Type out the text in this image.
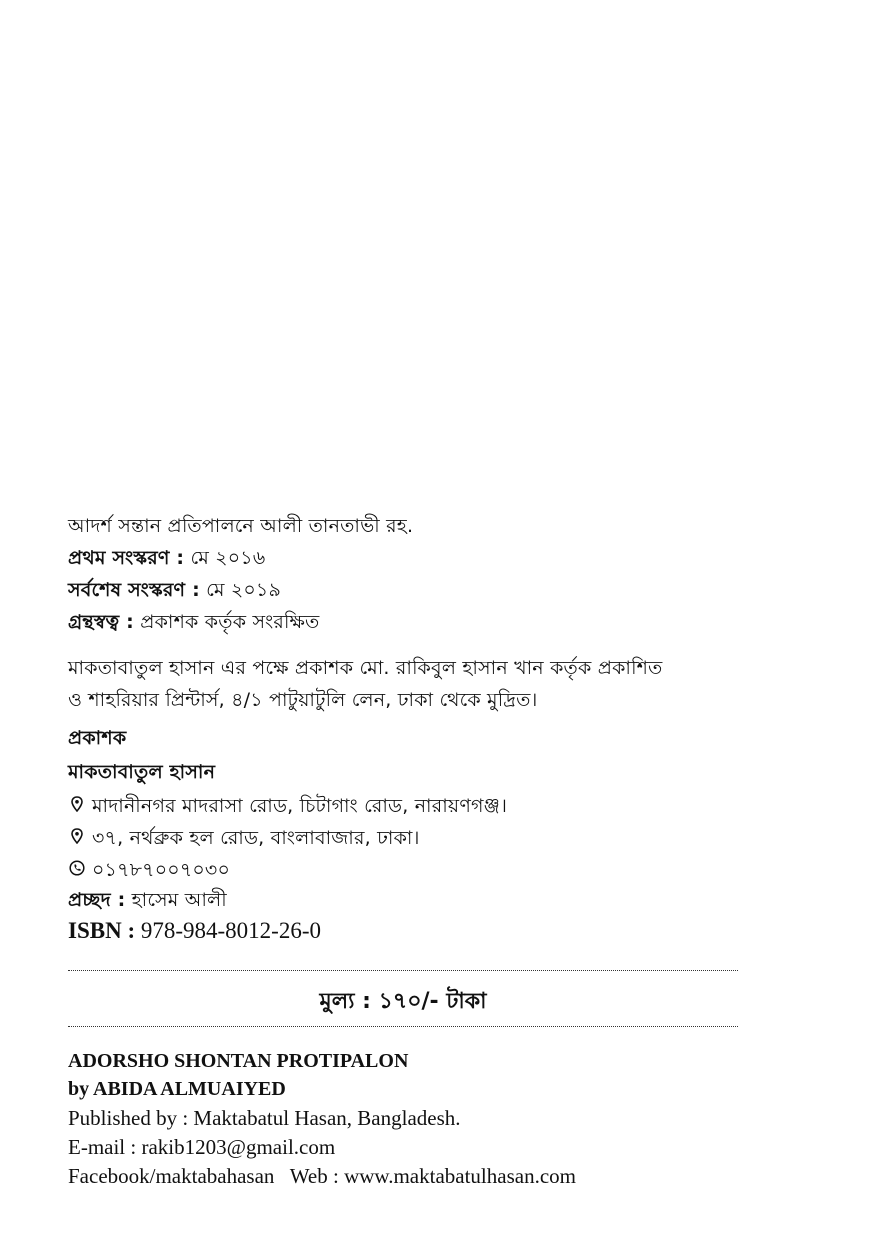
আদর্শ সন্তান প্রতিপালনে আলী তানতাভী রহ.
প্রথম সংস্করণ : মে ২০১৬
সর্বশেষ সংস্করণ : মে ২০১৯
গ্রন্থস্বত্ব : প্রকাশক কর্তৃক সংরক্ষিত
মাকতাবাতুল হাসান এর পক্ষে প্রকাশক মো. রাকিবুল হাসান খান কর্তৃক প্রকাশিত
ও শাহরিয়ার প্রিন্টার্স, ৪/১ পাটুয়াটুলি লেন, ঢাকা থেকে মুদ্রিত।
প্রকাশক
মাকতাবাতুল হাসান
মাদানীনগর মাদরাসা রোড, চিটাগাং রোড, নারায়ণগঞ্জ।
৩৭, নর্থব্রুক হল রোড, বাংলাবাজার, ঢাকা।
০১৭৮৭০০৭০৩০
প্রচ্ছদ : হাসেম আলী
ISBN : 978-984-8012-26-0
মুল্য : ১৭০/- টাকা
ADORSHO SHONTAN PROTIPALON
by ABIDA ALMUAIYED
Published by : Maktabatul Hasan, Bangladesh.
E-mail : rakib1203@gmail.com
Facebook/maktabahasan   Web : www.maktabatulhasan.com
